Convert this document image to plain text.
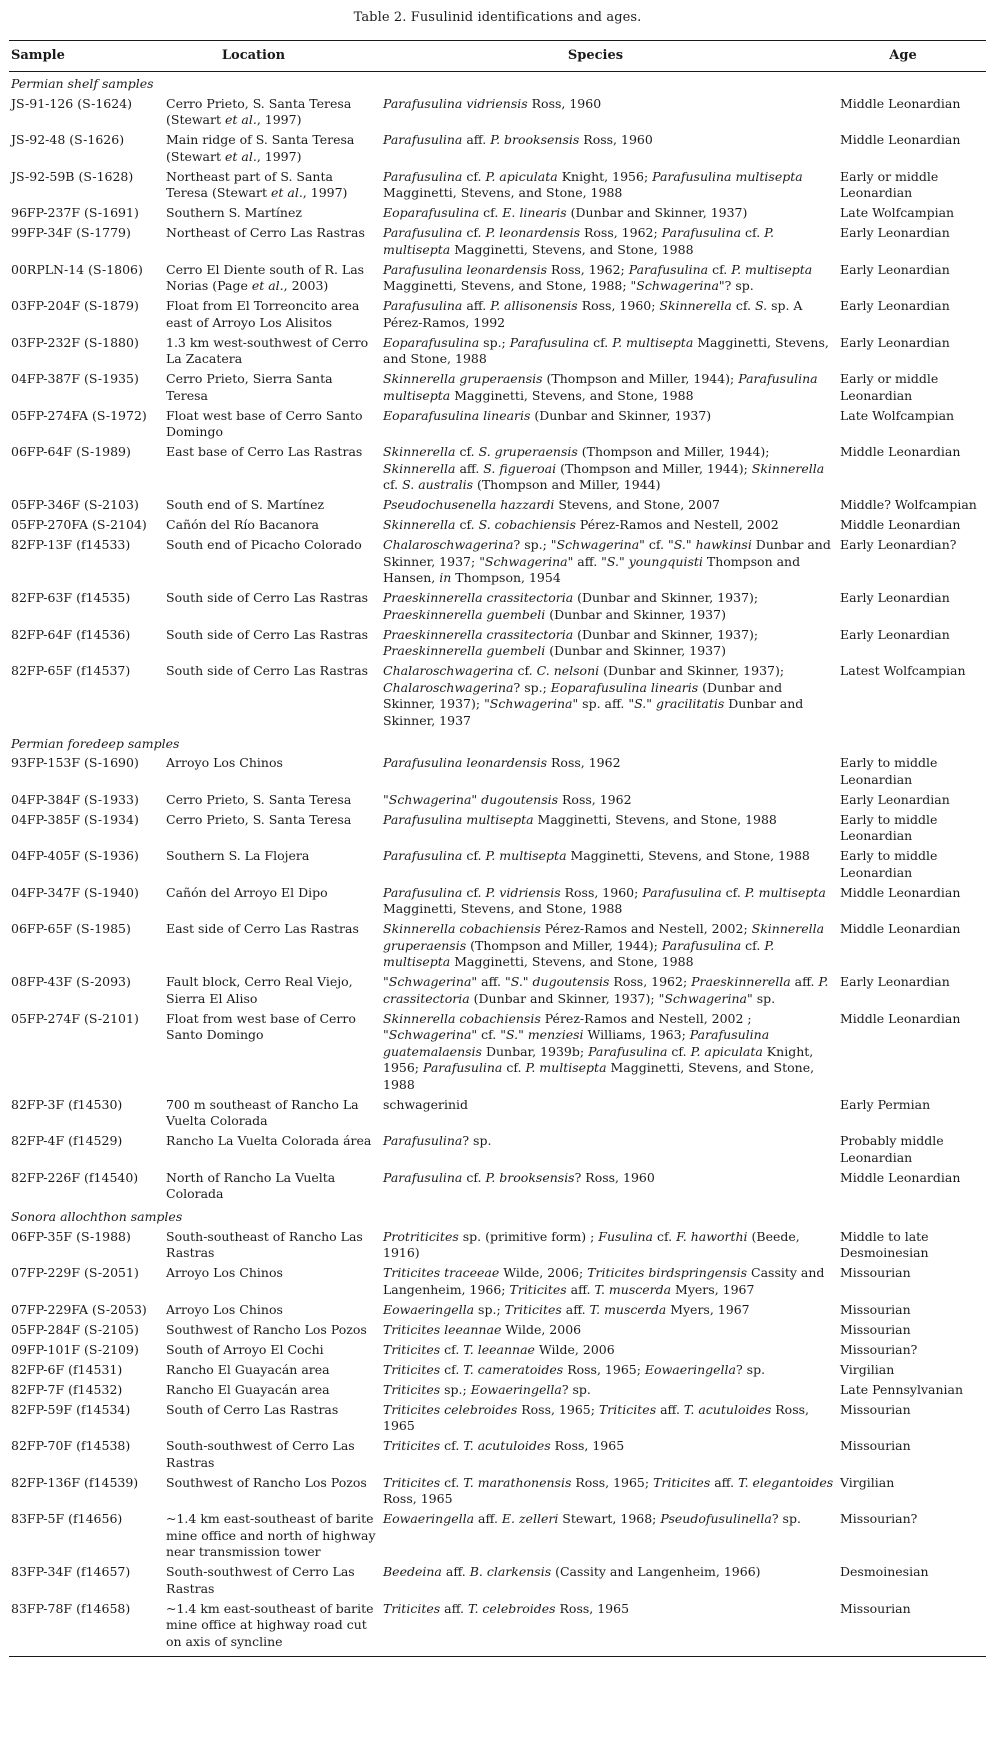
Table 2. Fusulinid identifications and ages.
Sample	Location	Species	Age
Permian shelf samples			
JS-91-126 (S-1624)	Cerro Prieto, S. Santa Teresa (Stewart et al., 1997)	Parafusulina vidriensis Ross, 1960	Middle Leonardian
JS-92-48 (S-1626)	Main ridge of S. Santa Teresa (Stewart et al., 1997)	Parafusulina aff. P. brooksensis Ross, 1960	Middle Leonardian
JS-92-59B (S-1628)	Northeast part of S. Santa Teresa (Stewart et al., 1997)	Parafusulina cf. P. apiculata Knight, 1956; Parafusulina multisepta Magginetti, Stevens, and Stone, 1988	Early or middle Leonardian
96FP-237F (S-1691)	Southern S. Martínez	Eoparafusulina cf. E. linearis (Dunbar and Skinner, 1937)	Late Wolfcampian
99FP-34F (S-1779)	Northeast of Cerro Las Rastras	Parafusulina cf. P. leonardensis Ross, 1962; Parafusulina cf. P. multisepta Magginetti, Stevens, and Stone, 1988	Early Leonardian
00RPLN-14 (S-1806)	Cerro El Diente south of R. Las Norias (Page et al., 2003)	Parafusulina leonardensis Ross, 1962; Parafusulina cf. P. multisepta Magginetti, Stevens, and Stone, 1988; "Schwagerina"? sp.	Early Leonardian
03FP-204F (S-1879)	Float from El Torreoncito area east of Arroyo Los Alisitos	Parafusulina aff. P. allisonensis Ross, 1960; Skinnerella cf. S. sp. A Pérez-Ramos, 1992	Early Leonardian
03FP-232F (S-1880)	1.3 km west-southwest of Cerro La Zacatera	Eoparafusulina sp.; Parafusulina cf. P. multisepta Magginetti, Stevens, and Stone, 1988	Early Leonardian
04FP-387F (S-1935)	Cerro Prieto, Sierra Santa Teresa	Skinnerella gruperaensis (Thompson and Miller, 1944); Parafusulina multisepta Magginetti, Stevens, and Stone, 1988	Early or middle Leonardian
05FP-274FA (S-1972)	Float west base of Cerro Santo Domingo	Eoparafusulina linearis (Dunbar and Skinner, 1937)	Late Wolfcampian
06FP-64F (S-1989)	East base of Cerro Las Rastras	Skinnerella cf. S. gruperaensis (Thompson and Miller, 1944); Skinnerella aff. S. figueroai (Thompson and Miller, 1944); Skinnerella cf. S. australis (Thompson and Miller, 1944)	Middle Leonardian
05FP-346F (S-2103)	South end of S. Martínez	Pseudochusenella hazzardi Stevens, and Stone, 2007	Middle? Wolfcampian
05FP-270FA (S-2104)	Cañón del Río Bacanora	Skinnerella cf. S. cobachiensis Pérez-Ramos and Nestell, 2002	Middle Leonardian
82FP-13F (f14533)	South end of Picacho Colorado	Chalaroschwagerina? sp.; "Schwagerina" cf. "S." hawkinsi Dunbar and Skinner, 1937; "Schwagerina" aff. "S." youngquisti Thompson and Hansen, in Thompson, 1954	Early Leonardian?
82FP-63F (f14535)	South side of Cerro Las Rastras	Praeskinnerella crassitectoria (Dunbar and Skinner, 1937); Praeskinnerella guembeli (Dunbar and Skinner, 1937)	Early Leonardian
82FP-64F (f14536)	South side of Cerro Las Rastras	Praeskinnerella crassitectoria (Dunbar and Skinner, 1937); Praeskinnerella guembeli (Dunbar and Skinner, 1937)	Early Leonardian
82FP-65F (f14537)	South side of Cerro Las Rastras	Chalaroschwagerina cf. C. nelsoni (Dunbar and Skinner, 1937); Chalaroschwagerina? sp.; Eoparafusulina linearis (Dunbar and Skinner, 1937); "Schwagerina" sp. aff. "S." gracilitatis Dunbar and Skinner, 1937	Latest Wolfcampian
Permian foredeep samples			
93FP-153F (S-1690)	Arroyo Los Chinos	Parafusulina leonardensis Ross, 1962	Early to middle Leonardian
04FP-384F (S-1933)	Cerro Prieto, S. Santa Teresa	"Schwagerina" dugoutensis Ross, 1962	Early Leonardian
04FP-385F (S-1934)	Cerro Prieto, S. Santa Teresa	Parafusulina multisepta Magginetti, Stevens, and Stone, 1988	Early to middle Leonardian
04FP-405F (S-1936)	Southern S. La Flojera	Parafusulina cf. P. multisepta Magginetti, Stevens, and Stone, 1988	Early to middle Leonardian
04FP-347F (S-1940)	Cañón del Arroyo El Dipo	Parafusulina cf. P. vidriensis Ross, 1960; Parafusulina cf. P. multisepta Magginetti, Stevens, and Stone, 1988	Middle Leonardian
06FP-65F (S-1985)	East side of Cerro Las Rastras	Skinnerella cobachiensis Pérez-Ramos and Nestell, 2002; Skinnerella gruperaensis (Thompson and Miller, 1944); Parafusulina cf. P. multisepta Magginetti, Stevens, and Stone, 1988	Middle Leonardian
08FP-43F (S-2093)	Fault block, Cerro Real Viejo, Sierra El Aliso	"Schwagerina" aff. "S." dugoutensis Ross, 1962; Praeskinnerella aff. P. crassitectoria (Dunbar and Skinner, 1937); "Schwagerina" sp.	Early Leonardian
05FP-274F (S-2101)	Float from west base of Cerro Santo Domingo	Skinnerella cobachiensis Pérez-Ramos and Nestell, 2002 ; "Schwagerina" cf. "S." menziesi Williams, 1963; Parafusulina guatemalaensis Dunbar, 1939b; Parafusulina cf. P. apiculata Knight, 1956; Parafusulina cf. P. multisepta Magginetti, Stevens, and Stone, 1988	Middle Leonardian
82FP-3F (f14530)	700 m southeast of Rancho La Vuelta Colorada	schwagerinid	Early Permian
82FP-4F (f14529)	Rancho La Vuelta Colorada área	Parafusulina? sp.	Probably middle Leonardian
82FP-226F (f14540)	North of Rancho La Vuelta Colorada	Parafusulina cf. P. brooksensis? Ross, 1960	Middle Leonardian
Sonora allochthon samples			
06FP-35F (S-1988)	South-southeast of Rancho Las Rastras	Protriticites sp. (primitive form) ; Fusulina cf. F. haworthi (Beede, 1916)	Middle to late Desmoinesian
07FP-229F (S-2051)	Arroyo Los Chinos	Triticites traceeae Wilde, 2006; Triticites birdspringensis Cassity and Langenheim, 1966; Triticites aff. T. muscerda Myers, 1967	Missourian
07FP-229FA (S-2053)	Arroyo Los Chinos	Eowaeringella sp.; Triticites aff. T. muscerda Myers, 1967	Missourian
05FP-284F (S-2105)	Southwest of Rancho Los Pozos	Triticites leeannae Wilde, 2006	Missourian
09FP-101F (S-2109)	South of Arroyo El Cochi	Triticites cf. T. leeannae Wilde, 2006	Missourian?
82FP-6F (f14531)	Rancho El Guayacán area	Triticites cf. T. cameratoides Ross, 1965; Eowaeringella? sp.	Virgilian
82FP-7F (f14532)	Rancho El Guayacán area	Triticites sp.; Eowaeringella? sp.	Late Pennsylvanian
82FP-59F (f14534)	South of Cerro Las Rastras	Triticites celebroides Ross, 1965; Triticites aff. T. acutuloides Ross, 1965	Missourian
82FP-70F (f14538)	South-southwest of Cerro Las Rastras	Triticites cf. T. acutuloides Ross, 1965	Missourian
82FP-136F (f14539)	Southwest of Rancho Los Pozos	Triticites cf. T. marathonensis Ross, 1965; Triticites aff. T. elegantoides Ross, 1965	Virgilian
83FP-5F (f14656)	~1.4 km east-southeast of barite mine office and north of highway near transmission tower	Eowaeringella aff. E. zelleri Stewart, 1968; Pseudofusulinella? sp.	Missourian?
83FP-34F (f14657)	South-southwest of Cerro Las Rastras	Beedeina aff. B. clarkensis (Cassity and Langenheim, 1966)	Desmoinesian
83FP-78F (f14658)	~1.4 km east-southeast of barite mine office at highway road cut on axis of syncline	Triticites aff. T. celebroides Ross, 1965	Missourian
